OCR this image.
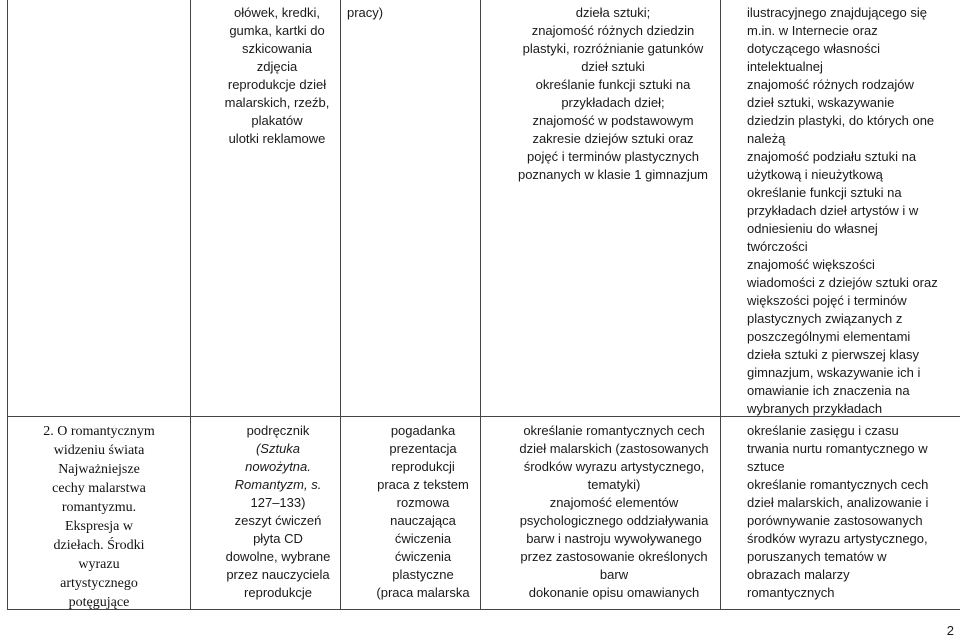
ołówek, kredki,
gumka, kartki do
szkicowania
zdjęcia
reprodukcje dzieł
malarskich, rzeźb,
plakatów
ulotki reklamowe
pracy)	dzieła sztuki;
znajomość różnych dziedzin
plastyki, rozróżnianie gatunków
dzieł sztuki
określanie funkcji sztuki na
przykładach dzieł;
znajomość w podstawowym
zakresie dziejów sztuki oraz
pojęć i terminów plastycznych
poznanych w klasie 1 gimnazjum
ilustracyjnego znajdującego się
m.in. w Internecie oraz
dotyczącego własności
intelektualnej
znajomość różnych rodzajów
dzieł sztuki, wskazywanie
dziedzin plastyki, do których one
należą
znajomość podziału sztuki na
użytkową i nieużytkową
określanie funkcji sztuki na
przykładach dzieł artystów i w
odniesieniu do własnej
twórczości
znajomość większości
wiadomości z dziejów sztuki oraz
większości pojęć i terminów
plastycznych związanych z
poszczególnymi elementami
dzieła sztuki z pierwszej klasy
gimnazjum, wskazywanie ich i
omawianie ich znaczenia na
wybranych przykładach
2. O romantycznym
widzeniu świata
Najważniejsze
cechy malarstwa
romantyzmu.
Ekspresja w
dziełach. Środki
wyrazu
artystycznego
potęgujące
podręcznik
(Sztuka
nowożytna.
Romantyzm, s.
127–133)
zeszyt ćwiczeń
płyta CD
dowolne, wybrane
przez nauczyciela
reprodukcje
pogadanka
prezentacja
reprodukcji
praca z tekstem
rozmowa
nauczająca
ćwiczenia
ćwiczenia
plastyczne
(praca malarska
określanie romantycznych cech
dzieł malarskich (zastosowanych
środków wyrazu artystycznego,
tematyki)
znajomość elementów
psychologicznego oddziaływania
barw i nastroju wywoływanego
przez zastosowanie określonych
barw
dokonanie opisu omawianych
określanie zasięgu i czasu
trwania nurtu romantycznego w
sztuce
określanie romantycznych cech
dzieł malarskich, analizowanie i
porównywanie zastosowanych
środków wyrazu artystycznego,
poruszanych tematów w
obrazach malarzy
romantycznych
2
